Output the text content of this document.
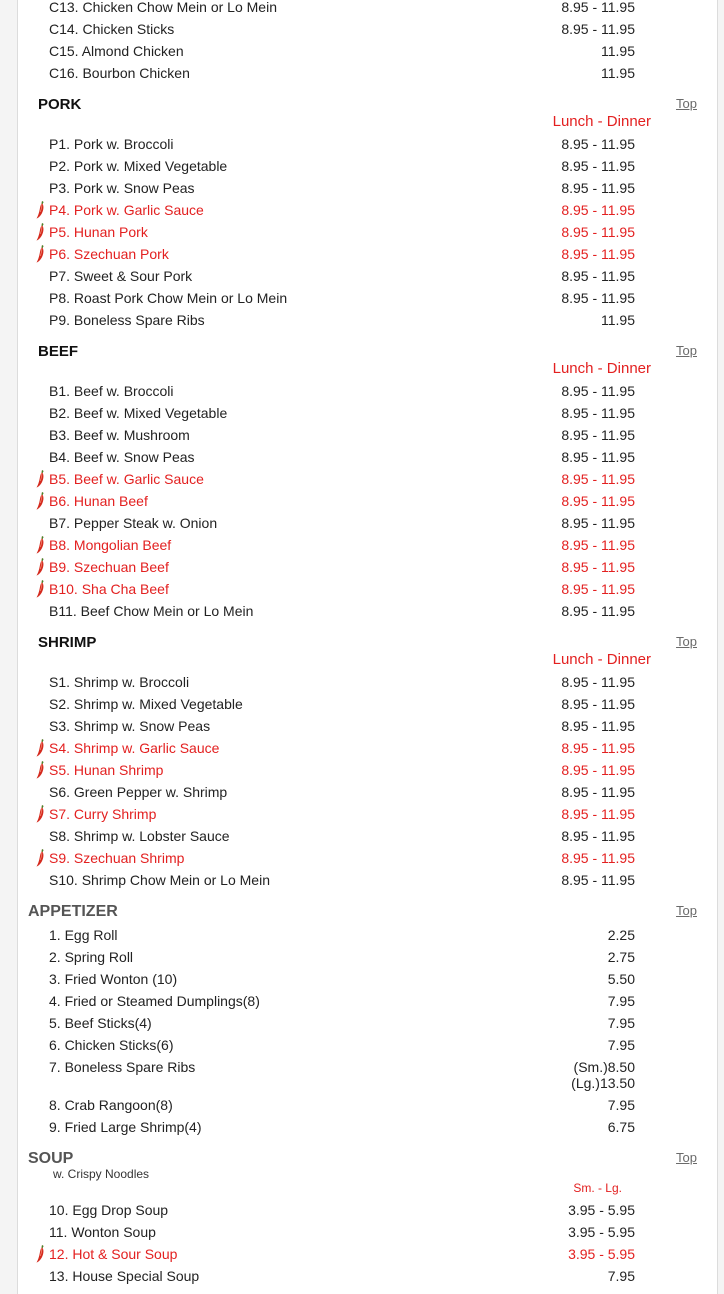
C13. Chicken Chow Mein or Lo Mein	8.95 - 11.95
C14. Chicken Sticks	8.95 - 11.95
C15. Almond Chicken	11.95
C16. Bourbon Chicken	11.95
PORK	Top
Lunch - Dinner
P1. Pork w. Broccoli	8.95 - 11.95
P2. Pork w. Mixed Vegetable	8.95 - 11.95
P3. Pork w. Snow Peas	8.95 - 11.95
P4. Pork w. Garlic Sauce	8.95 - 11.95
P5. Hunan Pork	8.95 - 11.95
P6. Szechuan Pork	8.95 - 11.95
P7. Sweet & Sour Pork	8.95 - 11.95
P8. Roast Pork Chow Mein or Lo Mein	8.95 - 11.95
P9. Boneless Spare Ribs	11.95
BEEF	Top
Lunch - Dinner
B1. Beef w. Broccoli	8.95 - 11.95
B2. Beef w. Mixed Vegetable	8.95 - 11.95
B3. Beef w. Mushroom	8.95 - 11.95
B4. Beef w. Snow Peas	8.95 - 11.95
B5. Beef w. Garlic Sauce	8.95 - 11.95
B6. Hunan Beef	8.95 - 11.95
B7. Pepper Steak w. Onion	8.95 - 11.95
B8. Mongolian Beef	8.95 - 11.95
B9. Szechuan Beef	8.95 - 11.95
B10. Sha Cha Beef	8.95 - 11.95
B11. Beef Chow Mein or Lo Mein	8.95 - 11.95
SHRIMP	Top
Lunch - Dinner
S1. Shrimp w. Broccoli	8.95 - 11.95
S2. Shrimp w. Mixed Vegetable	8.95 - 11.95
S3. Shrimp w. Snow Peas	8.95 - 11.95
S4. Shrimp w. Garlic Sauce	8.95 - 11.95
S5. Hunan Shrimp	8.95 - 11.95
S6. Green Pepper w. Shrimp	8.95 - 11.95
S7. Curry Shrimp	8.95 - 11.95
S8. Shrimp w. Lobster Sauce	8.95 - 11.95
S9. Szechuan Shrimp	8.95 - 11.95
S10. Shrimp Chow Mein or Lo Mein	8.95 - 11.95
APPETIZER	Top
1. Egg Roll	2.25
2. Spring Roll	2.75
3. Fried Wonton (10)	5.50
4. Fried or Steamed Dumplings(8)	7.95
5. Beef Sticks(4)	7.95
6. Chicken Sticks(6)	7.95
7. Boneless Spare Ribs	(Sm.)8.50
(Lg.)13.50
8. Crab Rangoon(8)	7.95
9. Fried Large Shrimp(4)	6.75
SOUP	Top
w. Crispy Noodles
Sm. - Lg.
10. Egg Drop Soup	3.95 - 5.95
11. Wonton Soup	3.95 - 5.95
12. Hot & Sour Soup	3.95 - 5.95
13. House Special Soup	7.95
